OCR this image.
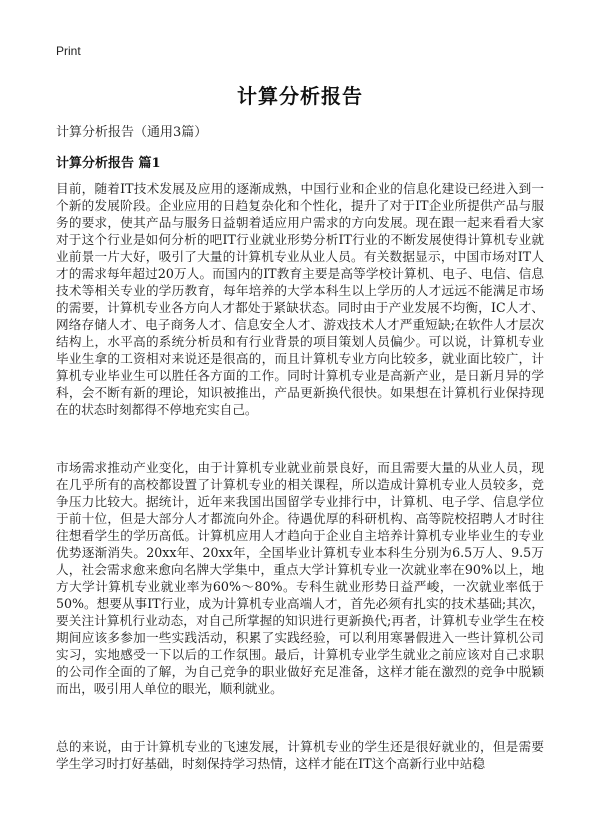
Print
计算分析报告
计算分析报告（通用3篇）
计算分析报告 篇1

目前，随着IT技术发展及应用的逐渐成熟，中国行业和企业的信息化建设已经进入到一个新的发展阶段。企业应用的日趋复杂化和个性化，提升了对于IT企业所提供产品与服务的要求，使其产品与服务日益朝着适应用户需求的方向发展。现在跟一起来看看大家对于这个行业是如何分析的吧IT行业就业形势分析IT行业的不断发展使得计算机专业就业前景一片大好，吸引了大量的计算机专业从业人员。有关数据显示，中国市场对IT人才的需求每年超过20万人。而国内的IT教育主要是高等学校计算机、电子、电信、信息技术等相关专业的学历教育，每年培养的大学本科生以上学历的人才远远不能满足市场的需要，计算机专业各方向人才都处于紧缺状态。同时由于产业发展不均衡，IC人才、网络存储人才、电子商务人才、信息安全人才、游戏技术人才严重短缺;在软件人才层次结构上，水平高的系统分析员和有行业背景的项目策划人员偏少。可以说，计算机专业毕业生拿的工资相对来说还是很高的，而且计算机专业方向比较多，就业面比较广，计算机专业毕业生可以胜任各方面的工作。同时计算机专业是高新产业，是日新月异的学科，会不断有新的理论，知识被推出，产品更新换代很快。如果想在计算机行业保持现在的状态时刻都得不停地充实自己。

市场需求推动产业变化，由于计算机专业就业前景良好，而且需要大量的从业人员，现在几乎所有的高校都设置了计算机专业的相关课程，所以造成计算机专业人员较多，竞争压力比较大。据统计，近年来我国出国留学专业排行中，计算机、电子学、信息学位于前十位，但是大部分人才都流向外企。待遇优厚的科研机构、高等院校招聘人才时往往想看学生的学历高低。计算机应用人才趋向于企业自主培养计算机专业毕业生的专业优势逐渐消失。20xx年、20xx年，全国毕业计算机专业本科生分别为6.5万人、9.5万人，社会需求愈来愈向名牌大学集中，重点大学计算机专业一次就业率在90%以上，地方大学计算机专业就业率为60%～80%。专科生就业形势日益严峻，一次就业率低于50%。想要从事IT行业，成为计算机专业高端人才，首先必须有扎实的技术基础;其次，要关注计算机行业动态，对自己所掌握的知识进行更新换代;再者，计算机专业学生在校期间应该多参加一些实践活动，积累了实践经验，可以利用寒暑假进入一些计算机公司实习，实地感受一下以后的工作氛围。最后，计算机专业学生就业之前应该对自己求职的公司作全面的了解，为自己竞争的职业做好充足准备，这样才能在激烈的竞争中脱颖而出，吸引用人单位的眼光，顺利就业。

总的来说，由于计算机专业的飞速发展，计算机专业的学生还是很好就业的，但是需要学生学习时打好基础，时刻保持学习热情，这样才能在IT这个高新行业中站稳
